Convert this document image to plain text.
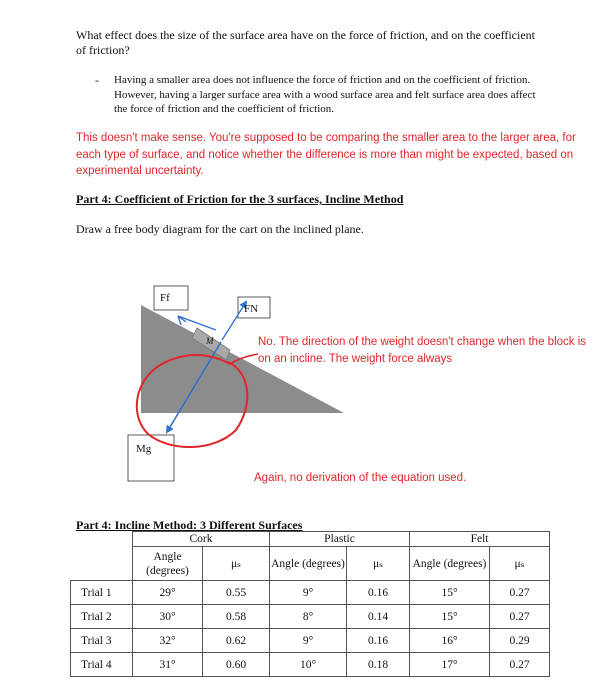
What effect does the size of the surface area have on the force of friction, and on the coefficient of friction?
- Having a smaller area does not influence the force of friction and on the coefficient of friction. However, having a larger surface area with a wood surface area and felt surface area does affect the force of friction and the coefficient of friction.
This doesn't make sense. You're supposed to be comparing the smaller area to the larger area, for each type of surface, and notice whether the difference is more than might be expected, based on experimental uncertainty.
Part 4: Coefficient of Friction for the 3 surfaces, Incline Method
Draw a free body diagram for the cart on the inclined plane.
Ff
FN
M
Mg
No. The direction of the weight doesn't change when the block is on an incline. The weight force always
Again, no derivation of the equation used.
Part 4: Incline Method: 3 Different Surfaces
	Cork		Plastic		Felt	
	Angle (degrees)	μₛ	Angle (degrees)	μₛ	Angle (degrees)	μₛ
Trial 1	29°	0.55	9°	0.16	15°	0.27
Trial 2	30°	0.58	8°	0.14	15°	0.27
Trial 3	32°	0.62	9°	0.16	16°	0.29
Trial 4	31°	0.60	10°	0.18	17°	0.27
